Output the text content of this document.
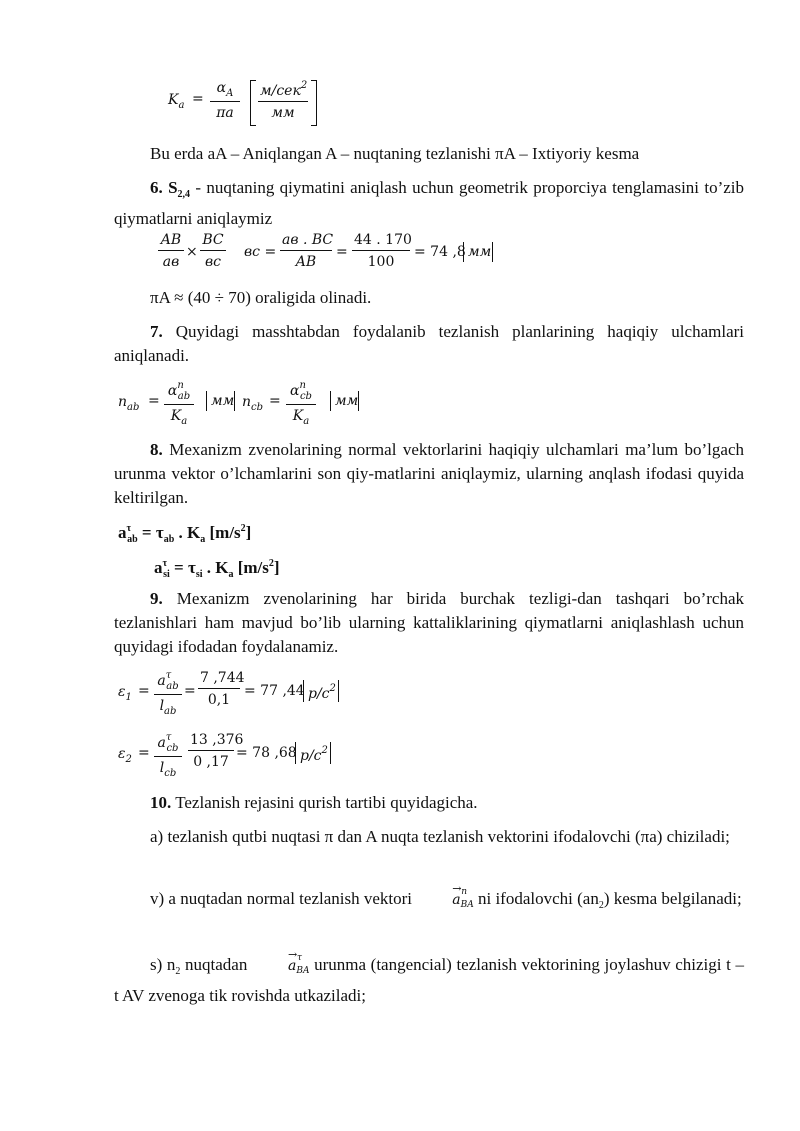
$K_a = \frac{\alpha_A}{\pi a} м/сек^2$
мм
Bu erda aA – Aniqlangan A – nuqtaning tezlanishi πA – Ixtiyoriy kesma
6. $S_{2,4}$ - nuqtaning qiymatini aniqlash uchun geometrik proporciya tenglamasini to’zib qiymatlarni aniqlaymiz
AB
ав
×
BC
вс
вс =
ав . BC
AB
= $\frac{44 . 170}{100} = 74$ ,8 мм
πA ≈ (40 ÷ 70) oraligida olinadi.
7. Quyidagi masshtabdan foydalanib tezlanish planlarining haqiqiy ulchamlari aniqlanadi.
$n_{ab}$ =
$\alpha^n_{ab}$
$K_a$
мм $n_{cb}$ =
$\alpha^n_{cb}$
$K_a$
мм
8. Mexanizm zvenolarining normal vektorlarini haqiqiy ulchamlari ma’lum bo’lgach urunma vektor o’lchamlarini son qiy-matlarini aniqlaymiz, ularning anqlash ifodasi quyida keltirilgan.
$a^\tau_{ab} = \tau_{ab}$ . $K_a$ $[m/s^2]$
$a^\tau_{si} = \tau_{si}$ . $K_a$ $[m/s^2]$
9. Mexanizm zvenolarining har birida burchak tezligi-dan tashqari bo’rchak tezlanishlari ham mavjud bo’lib ularning kattaliklarining qiymatlarni aniqlashlash uchun quyidagi ifodadan foydalanamiz.
$\varepsilon_1$ =
$a^\tau_{ab}$
$l_{ab}$
= $\frac{7 ,744}{0,1} = 77$ ,44 $p/c^2$
$\varepsilon_2$ =
$a^\tau_{cb}$
$l_{cb}$
$\frac{13 ,376}{0 ,17} = 78$ ,68 $p/c^2$
10. Tezlanish rejasini qurish tartibi quyidagicha.
a) tezlanish qutbi nuqtasi π dan A nuqta tezlanish vektorini ifodalovchi (πa) chiziladi;
v) a nuqtadan normal tezlanish vektori
→
a n
$_{BA}$ ni ifodalovchi $(an_2)$ kesma belgilanadi;
s) $n_2$ nuqtadan
→
a τ
$_{BA}$ urunma (tangencial) tezlanish vektorining joylashuv chizigi t – t AV zvenoga tik rovishda utkaziladi;
